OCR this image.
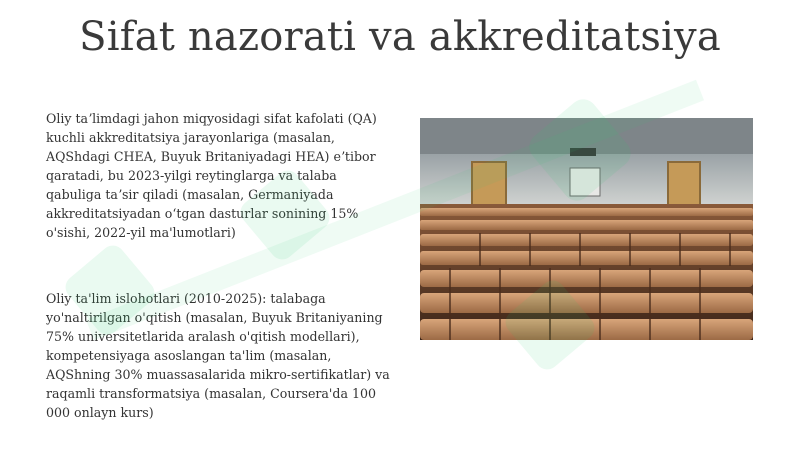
Sifat nazorati va akkreditatsiya
Oliy taʼlimdagi jahon miqyosidagi sifat kafolati (QA) kuchli akkreditatsiya jarayonlariga (masalan, AQShdagi CHEA, Buyuk Britaniyadagi HEA) eʼtibor qaratadi, bu 2023-yilgi reytinglarga va talaba qabuliga taʼsir qiladi (masalan, Germaniyada akkreditatsiyadan o‘tgan dasturlar sonining 15% o'sishi, 2022-yil ma'lumotlari)
Oliy ta'lim islohotlari (2010-2025): talabaga yo'naltirilgan o'qitish (masalan, Buyuk Britaniyaning 75% universitetlarida aralash o'qitish modellari), kompetensiyaga asoslangan ta'lim (masalan, AQShning 30% muassasalarida mikro-sertifikatlar) va raqamli transformatsiya (masalan, Coursera'da 100 000 onlayn kurs)
